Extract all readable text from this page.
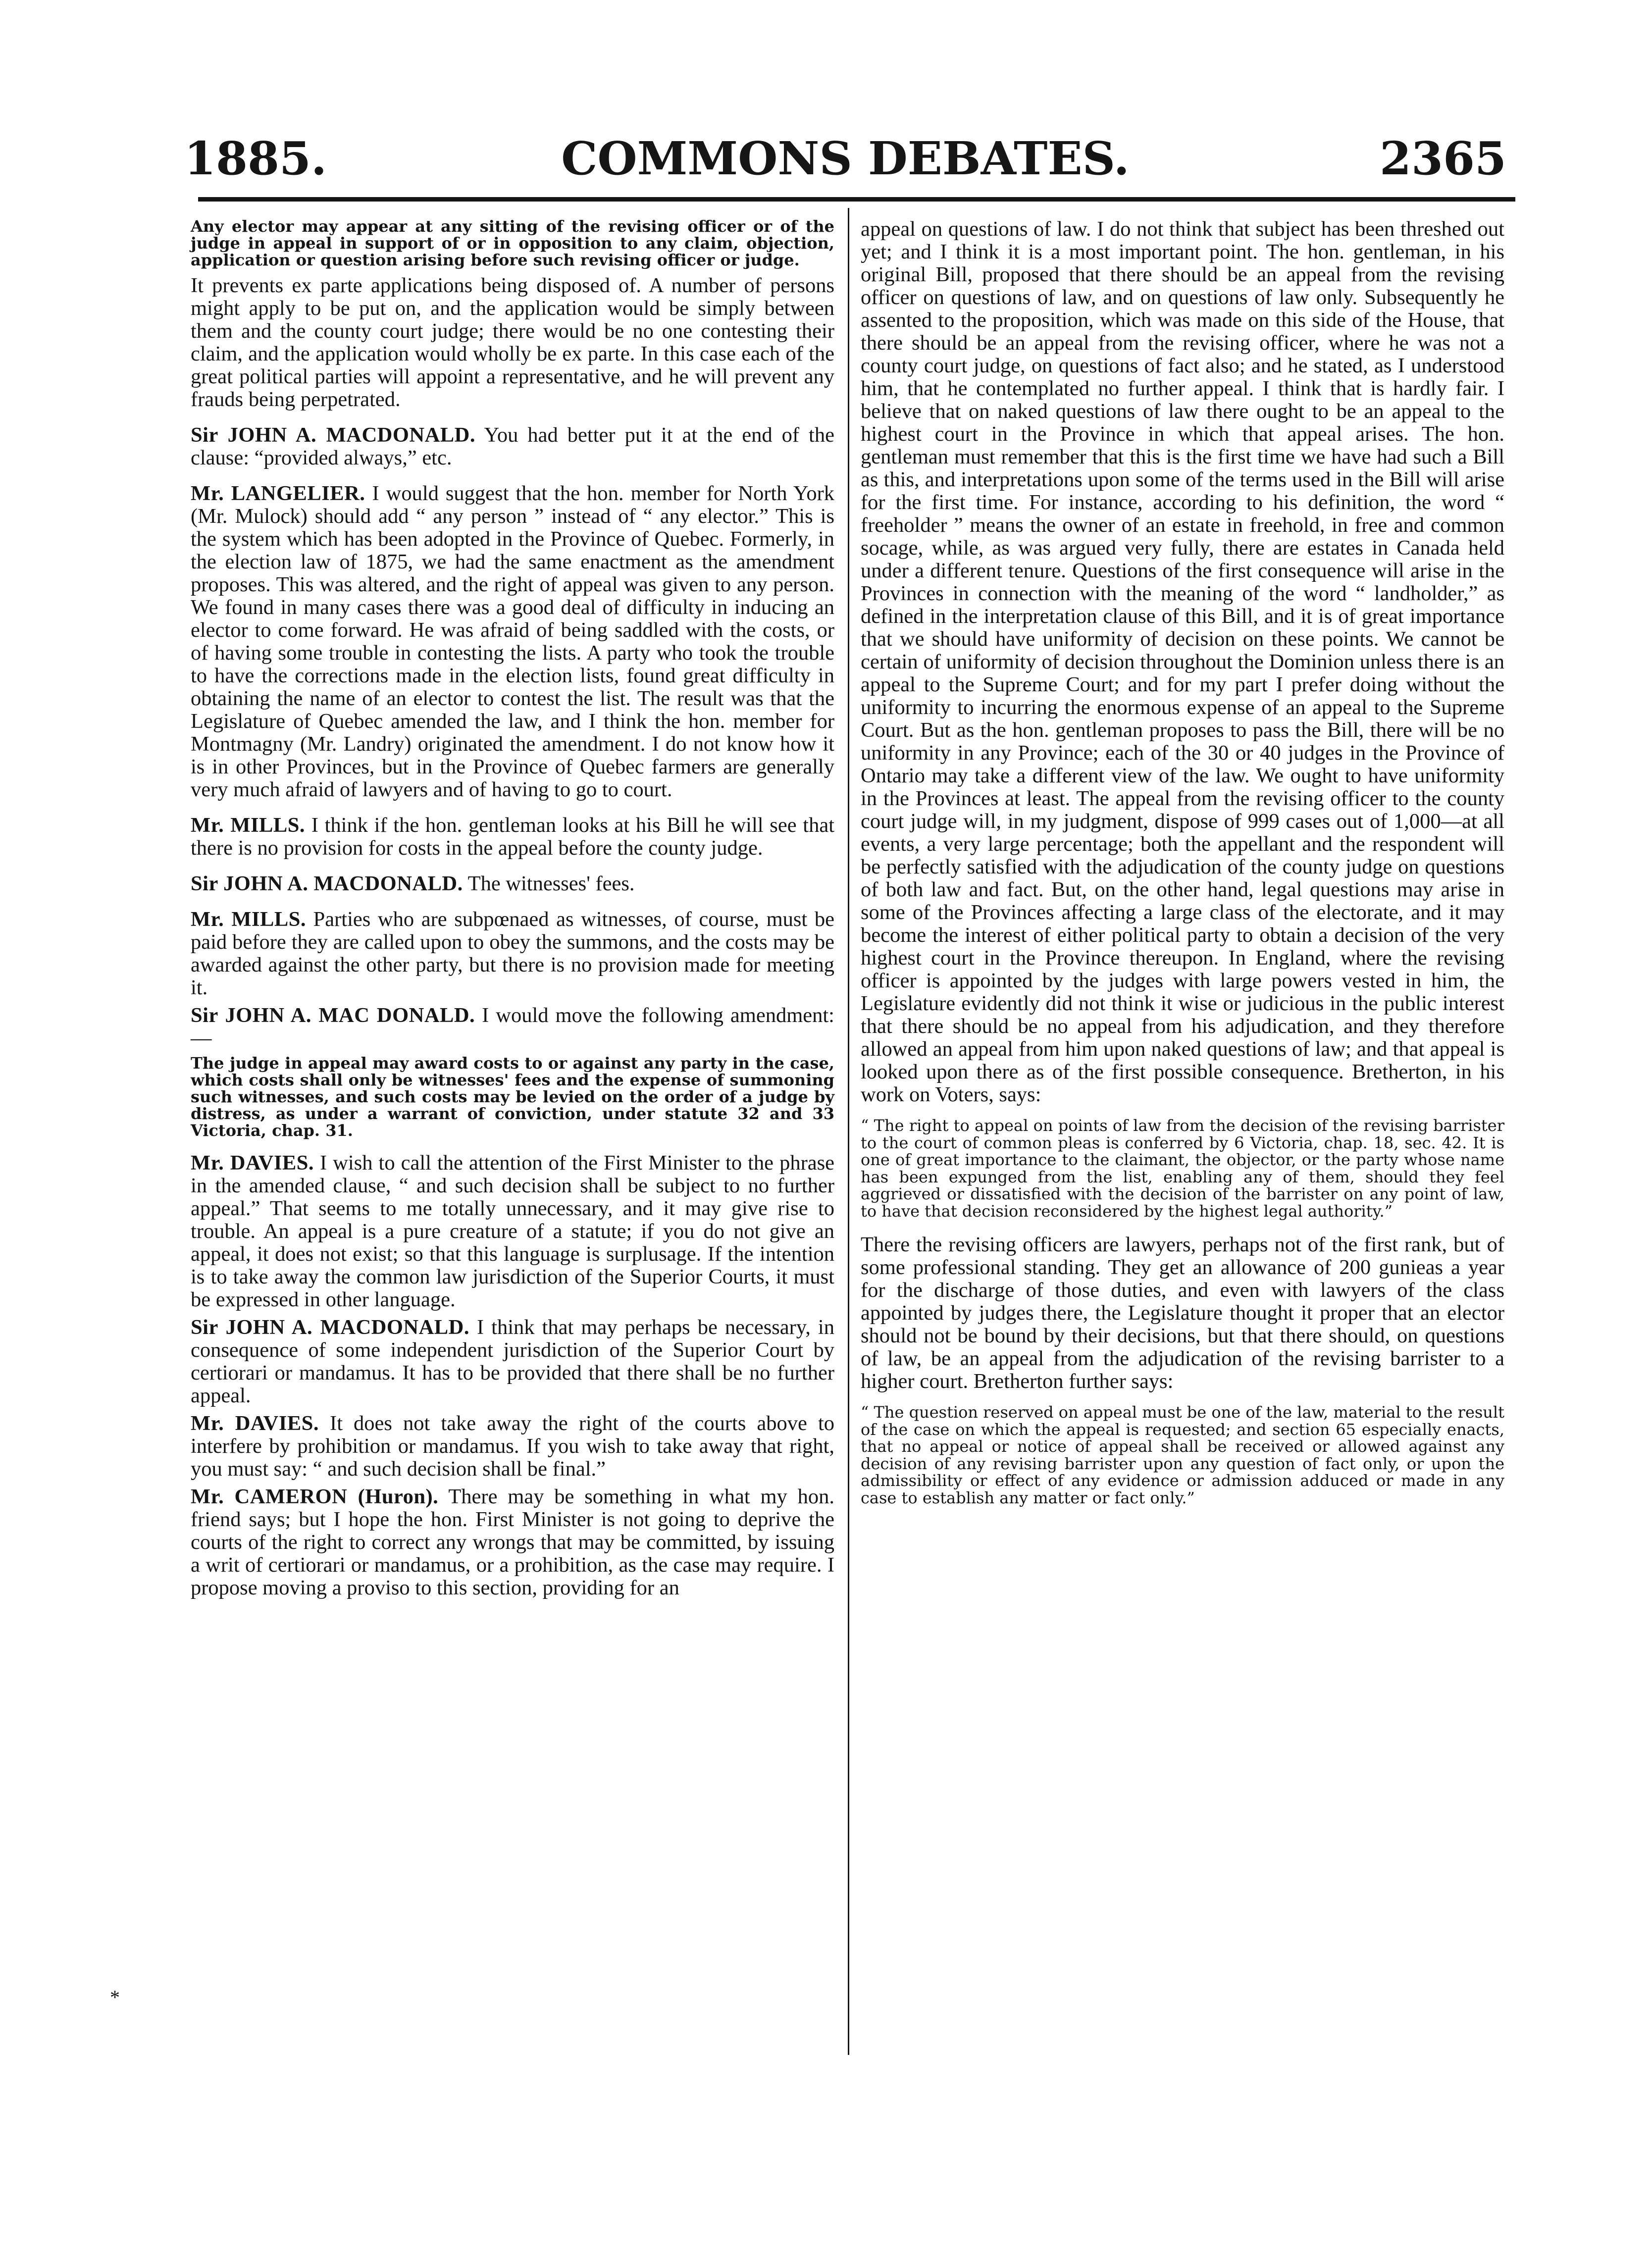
1885.	COMMONS DEBATES.	2365

Any elector may appear at any sitting of the revising officer or of the judge in appeal in support of or in opposition to any claim, objection, application or question arising before such revising officer or judge.

It prevents ex parte applications being disposed of. A number of persons might apply to be put on, and the application would be simply between them and the county court judge; there would be no one contesting their claim, and the application would wholly be ex parte. In this case each of the great political parties will appoint a representative, and he will prevent any frauds being perpetrated.

Sir JOHN A. MACDONALD. You had better put it at the end of the clause: “provided always,” etc.

Mr. LANGELIER. I would suggest that the hon. member for North York (Mr. Mulock) should add “ any person ” instead of “ any elector.” This is the system which has been adopted in the Province of Quebec. Formerly, in the election law of 1875, we had the same enactment as the amendment proposes. This was altered, and the right of appeal was given to any person. We found in many cases there was a good deal of difficulty in inducing an elector to come forward. He was afraid of being saddled with the costs, or of having some trouble in contesting the lists. A party who took the trouble to have the corrections made in the election lists, found great difficulty in obtaining the name of an elector to contest the list. The result was that the Legislature of Quebec amended the law, and I think the hon. member for Montmagny (Mr. Landry) originated the amendment. I do not know how it is in other Provinces, but in the Province of Quebec farmers are generally very much afraid of lawyers and of having to go to court.

Mr. MILLS. I think if the hon. gentleman looks at his Bill he will see that there is no provision for costs in the appeal before the county judge.

Sir JOHN A. MACDONALD. The witnesses' fees.

Mr. MILLS. Parties who are subpœnaed as witnesses, of course, must be paid before they are called upon to obey the summons, and the costs may be awarded against the other party, but there is no provision made for meeting it.

Sir JOHN A. MAC DONALD. I would move the following amendment:—

The judge in appeal may award costs to or against any party in the case, which costs shall only be witnesses' fees and the expense of summoning such witnesses, and such costs may be levied on the order of a judge by distress, as under a warrant of conviction, under statute 32 and 33 Victoria, chap. 31.

Mr. DAVIES. I wish to call the attention of the First Minister to the phrase in the amended clause, “ and such decision shall be subject to no further appeal.” That seems to me totally unnecessary, and it may give rise to trouble. An appeal is a pure creature of a statute; if you do not give an appeal, it does not exist; so that this language is surplusage. If the intention is to take away the common law jurisdiction of the Superior Courts, it must be expressed in other language.

Sir JOHN A. MACDONALD. I think that may perhaps be necessary, in consequence of some independent jurisdiction of the Superior Court by certiorari or mandamus. It has to be provided that there shall be no further appeal.

Mr. DAVIES. It does not take away the right of the courts above to interfere by prohibition or mandamus. If you wish to take away that right, you must say: “ and such decision shall be final.”

Mr. CAMERON (Huron). There may be something in what my hon. friend says; but I hope the hon. First Minister is not going to deprive the courts of the right to correct any wrongs that may be committed, by issuing a writ of certiorari or mandamus, or a prohibition, as the case may require. I propose moving a proviso to this section, providing for an

appeal on questions of law. I do not think that subject has been threshed out yet; and I think it is a most important point. The hon. gentleman, in his original Bill, proposed that there should be an appeal from the revising officer on questions of law, and on questions of law only. Subsequently he assented to the proposition, which was made on this side of the House, that there should be an appeal from the revising officer, where he was not a county court judge, on questions of fact also; and he stated, as I understood him, that he contemplated no further appeal. I think that is hardly fair. I believe that on naked questions of law there ought to be an appeal to the highest court in the Province in which that appeal arises. The hon. gentleman must remember that this is the first time we have had such a Bill as this, and interpretations upon some of the terms used in the Bill will arise for the first time. For instance, according to his definition, the word “ freeholder ” means the owner of an estate in freehold, in free and common socage, while, as was argued very fully, there are estates in Canada held under a different tenure. Questions of the first consequence will arise in the Provinces in connection with the meaning of the word “ landholder,” as defined in the interpretation clause of this Bill, and it is of great importance that we should have uniformity of decision on these points. We cannot be certain of uniformity of decision throughout the Dominion unless there is an appeal to the Supreme Court; and for my part I prefer doing without the uniformity to incurring the enormous expense of an appeal to the Supreme Court. But as the hon. gentleman proposes to pass the Bill, there will be no uniformity in any Province; each of the 30 or 40 judges in the Province of Ontario may take a different view of the law. We ought to have uniformity in the Provinces at least. The appeal from the revising officer to the county court judge will, in my judgment, dispose of 999 cases out of 1,000—at all events, a very large percentage; both the appellant and the respondent will be perfectly satisfied with the adjudication of the county judge on questions of both law and fact. But, on the other hand, legal questions may arise in some of the Provinces affecting a large class of the electorate, and it may become the interest of either political party to obtain a decision of the very highest court in the Province thereupon. In England, where the revising officer is appointed by the judges with large powers vested in him, the Legislature evidently did not think it wise or judicious in the public interest that there should be no appeal from his adjudication, and they therefore allowed an appeal from him upon naked questions of law; and that appeal is looked upon there as of the first possible consequence. Bretherton, in his work on Voters, says:

“ The right to appeal on points of law from the decision of the revising barrister to the court of common pleas is conferred by 6 Victoria, chap. 18, sec. 42. It is one of great importance to the claimant, the objector, or the party whose name has been expunged from the list, enabling any of them, should they feel aggrieved or dissatisfied with the decision of the barrister on any point of law, to have that decision reconsidered by the highest legal authority.”

There the revising officers are lawyers, perhaps not of the first rank, but of some professional standing. They get an allowance of 200 gunieas a year for the discharge of those duties, and even with lawyers of the class appointed by judges there, the Legislature thought it proper that an elector should not be bound by their decisions, but that there should, on questions of law, be an appeal from the adjudication of the revising barrister to a higher court. Bretherton further says:

“ The question reserved on appeal must be one of the law, material to the result of the case on which the appeal is requested; and section 65 especially enacts, that no appeal or notice of appeal shall be received or allowed against any decision of any revising barrister upon any question of fact only, or upon the admissibility or effect of any evidence or admission adduced or made in any case to establish any matter or fact only.”

*
